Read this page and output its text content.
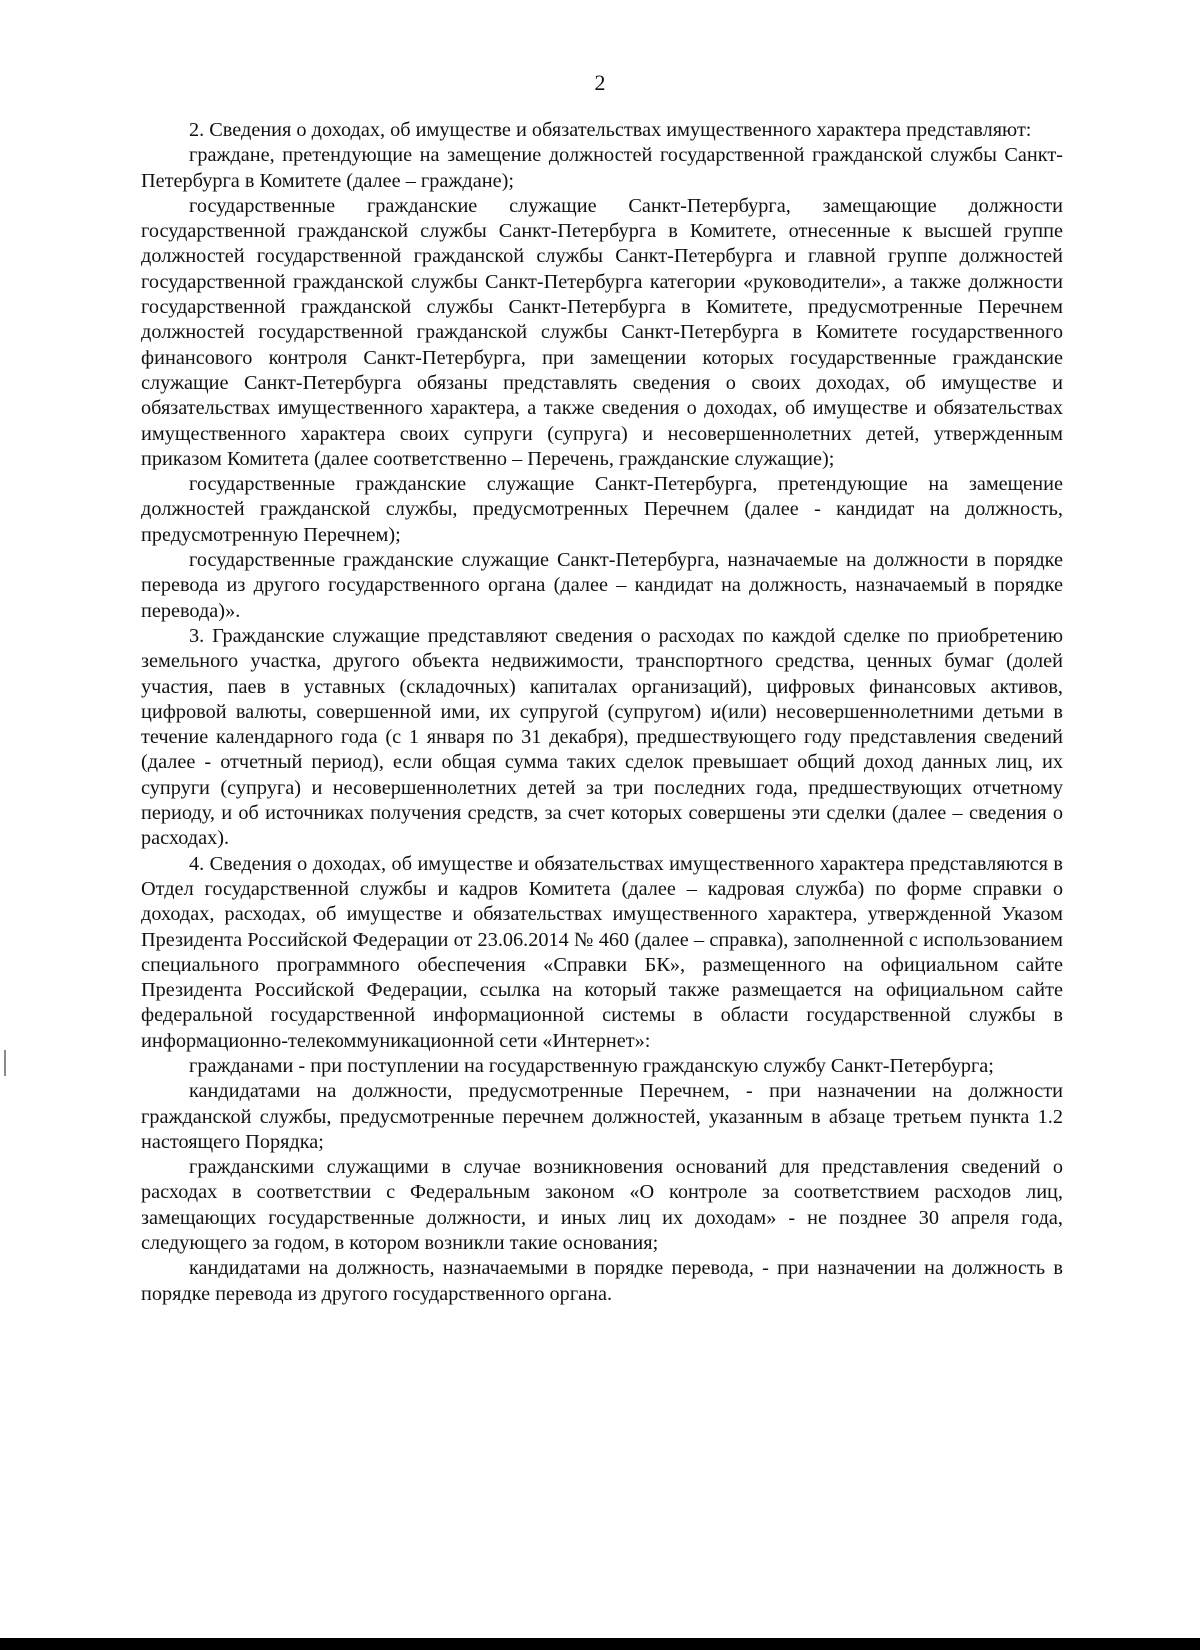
2

2. Сведения о доходах, об имуществе и обязательствах имущественного характера представляют:

граждане, претендующие на замещение должностей государственной гражданской службы Санкт-Петербурга в Комитете (далее – граждане);

государственные гражданские служащие Санкт-Петербурга, замещающие должности государственной гражданской службы Санкт-Петербурга в Комитете, отнесенные к высшей группе должностей государственной гражданской службы Санкт-Петербурга и главной группе должностей государственной гражданской службы Санкт-Петербурга категории «руководители», а также должности государственной гражданской службы Санкт-Петербурга в Комитете, предусмотренные Перечнем должностей государственной гражданской службы Санкт-Петербурга в Комитете государственного финансового контроля Санкт-Петербурга, при замещении которых государственные гражданские служащие Санкт-Петербурга обязаны представлять сведения о своих доходах, об имуществе и обязательствах имущественного характера, а также сведения о доходах, об имуществе и обязательствах имущественного характера своих супруги (супруга) и несовершеннолетних детей, утвержденным приказом Комитета (далее соответственно – Перечень, гражданские служащие);

государственные гражданские служащие Санкт-Петербурга, претендующие на замещение должностей гражданской службы, предусмотренных Перечнем (далее - кандидат на должность, предусмотренную Перечнем);

государственные гражданские служащие Санкт-Петербурга, назначаемые на должности в порядке перевода из другого государственного органа (далее – кандидат на должность, назначаемый в порядке перевода)».

3. Гражданские служащие представляют сведения о расходах по каждой сделке по приобретению земельного участка, другого объекта недвижимости, транспортного средства, ценных бумаг (долей участия, паев в уставных (складочных) капиталах организаций), цифровых финансовых активов, цифровой валюты, совершенной ими, их супругой (супругом) и(или) несовершеннолетними детьми в течение календарного года (с 1 января по 31 декабря), предшествующего году представления сведений (далее - отчетный период), если общая сумма таких сделок превышает общий доход данных лиц, их супруги (супруга) и несовершеннолетних детей за три последних года, предшествующих отчетному периоду, и об источниках получения средств, за счет которых совершены эти сделки (далее – сведения о расходах).

4. Сведения о доходах, об имуществе и обязательствах имущественного характера представляются в Отдел государственной службы и кадров Комитета (далее – кадровая служба) по форме справки о доходах, расходах, об имуществе и обязательствах имущественного характера, утвержденной Указом Президента Российской Федерации от 23.06.2014 № 460 (далее – справка), заполненной с использованием специального программного обеспечения «Справки БК», размещенного на официальном сайте Президента Российской Федерации, ссылка на который также размещается на официальном сайте федеральной государственной информационной системы в области государственной службы в информационно-телекоммуникационной сети «Интернет»:

гражданами - при поступлении на государственную гражданскую службу Санкт-Петербурга;

кандидатами на должности, предусмотренные Перечнем, - при назначении на должности гражданской службы, предусмотренные перечнем должностей, указанным в абзаце третьем пункта 1.2 настоящего Порядка;

гражданскими служащими в случае возникновения оснований для представления сведений о расходах в соответствии с Федеральным законом «О контроле за соответствием расходов лиц, замещающих государственные должности, и иных лиц их доходам» - не позднее 30 апреля года, следующего за годом, в котором возникли такие основания;

кандидатами на должность, назначаемыми в порядке перевода, - при назначении на должность в порядке перевода из другого государственного органа.
